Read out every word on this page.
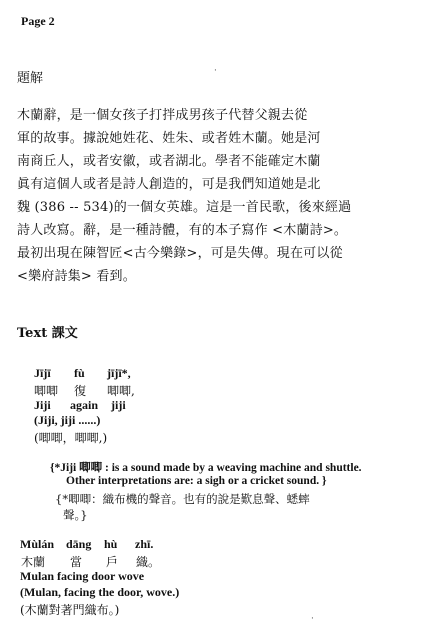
Page 2
·
題解
木蘭辭，是一個女孩子打拌成男孩子代替父親去從
軍的故事。據說她姓花、姓朱、或者姓木蘭。她是河
南商丘人，或者安徽，或者湖北。學者不能確定木蘭
眞有這個人或者是詩人創造的，可是我們知道她是北
魏 (386 -- 534)的一個女英雄。這是一首民歌，後來經過
詩人改寫。辭，是一種詩體，有的本子寫作 <木蘭詩>。
最初出現在陳智匠<古今樂錄>，可是失傳。現在可以從
<樂府詩集> 看到。
Text 課文
Jījī fù jījī*,
唧唧 復 唧唧,
Jiji again jiji
(Jiji, jiji ......)
(唧唧，唧唧,)
{*Jiji 唧唧 : is a sound made by a weaving machine and shuttle.
Other interpretations are: a sigh or a cricket sound. }
{*唧唧：織布機的聲音。也有的說是歎息聲、蟋蟀
聲。}
Mùlán dāng hù zhī.
木蘭 當 戶 織。
Mulan facing door wove
(Mulan, facing the door, wove.)
(木蘭對著門織布。)
·
